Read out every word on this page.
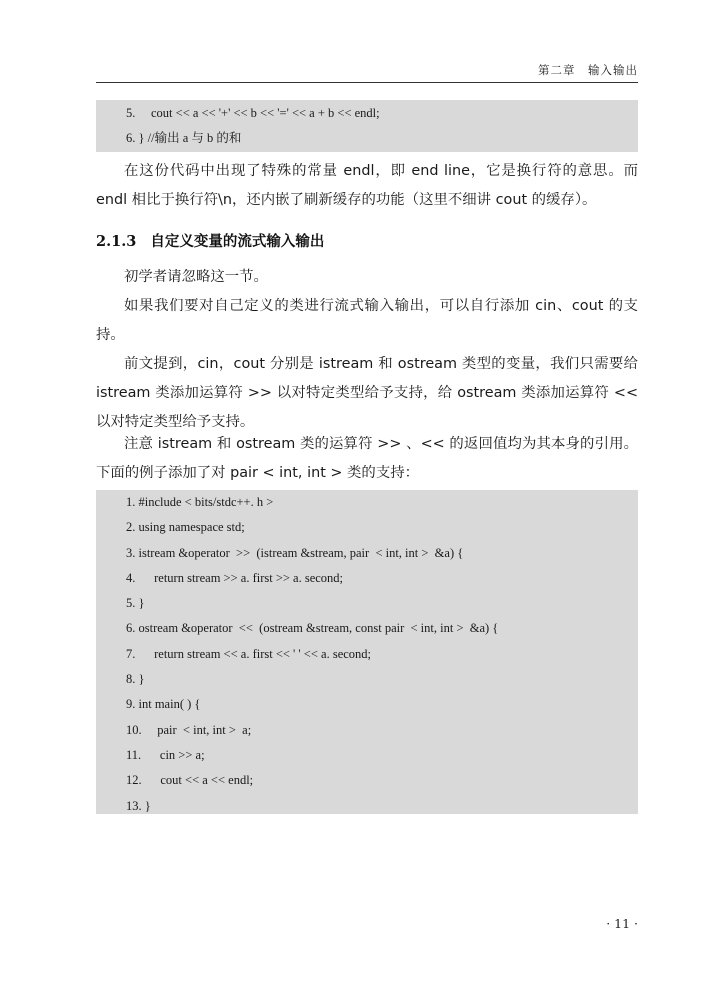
第二章　输入输出
5.     cout << a << '+' << b << '=' << a + b << endl;
6. } //输出 a 与 b 的和

在这份代码中出现了特殊的常量 endl，即 end line，它是换行符的意思。而 endl 相比于换行符\n，还内嵌了刷新缓存的功能（这里不细讲 cout 的缓存）。

2.1.3 自定义变量的流式输入输出

初学者请忽略这一节。

如果我们要对自己定义的类进行流式输入输出，可以自行添加 cin、cout 的支持。

前文提到，cin，cout 分别是 istream 和 ostream 类型的变量，我们只需要给 istream 类添加运算符 >> 以对特定类型给予支持，给 ostream 类添加运算符 << 以对特定类型给予支持。

注意 istream 和 ostream 类的运算符 >> 、<< 的返回值均为其本身的引用。下面的例子添加了对 pair < int, int > 类的支持：

1. #include < bits/stdc++. h >
2. using namespace std;
3. istream &operator  >>  (istream &stream, pair  < int, int >  &a) {
4.      return stream >> a. first >> a. second;
5. }
6. ostream &operator  <<  (ostream &stream, const pair  < int, int >  &a) {
7.      return stream << a. first << ' ' << a. second;
8. }
9. int main( ) {
10.     pair  < int, int >  a;
11.      cin >> a;
12.      cout << a << endl;
13. }
· 11 ·
